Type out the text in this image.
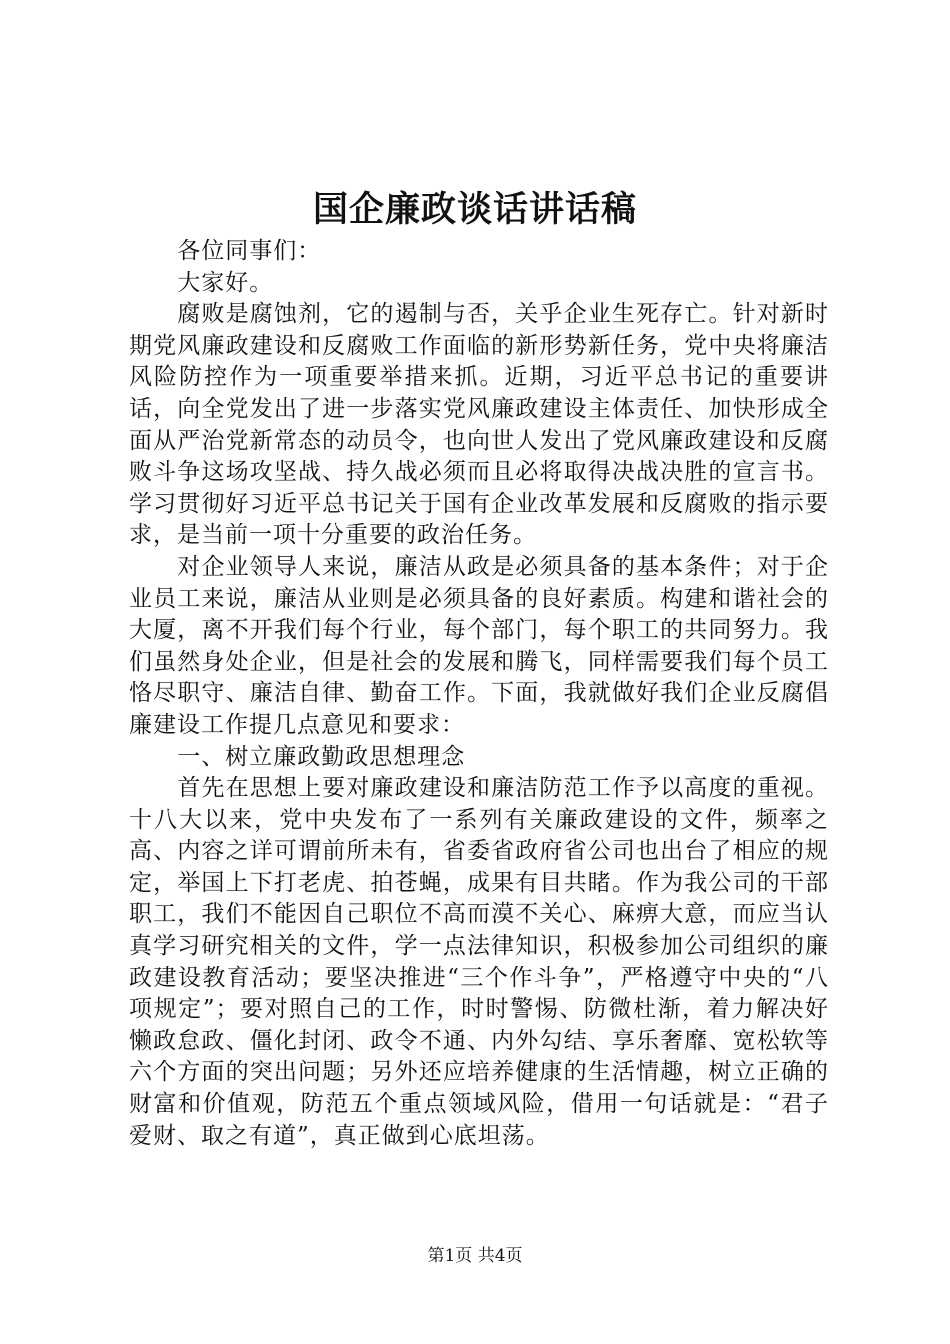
国企廉政谈话讲话稿

各位同事们：

大家好。

腐败是腐蚀剂，它的遏制与否，关乎企业生死存亡。针对新时期党风廉政建设和反腐败工作面临的新形势新任务，党中央将廉洁风险防控作为一项重要举措来抓。近期，习近平总书记的重要讲话，向全党发出了进一步落实党风廉政建设主体责任、加快形成全面从严治党新常态的动员令，也向世人发出了党风廉政建设和反腐败斗争这场攻坚战、持久战必须而且必将取得决战决胜的宣言书。学习贯彻好习近平总书记关于国有企业改革发展和反腐败的指示要求，是当前一项十分重要的政治任务。

对企业领导人来说，廉洁从政是必须具备的基本条件；对于企业员工来说，廉洁从业则是必须具备的良好素质。构建和谐社会的大厦，离不开我们每个行业，每个部门，每个职工的共同努力。我们虽然身处企业，但是社会的发展和腾飞，同样需要我们每个员工恪尽职守、廉洁自律、勤奋工作。下面，我就做好我们企业反腐倡廉建设工作提几点意见和要求：

一、树立廉政勤政思想理念

首先在思想上要对廉政建设和廉洁防范工作予以高度的重视。十八大以来，党中央发布了一系列有关廉政建设的文件，频率之高、内容之详可谓前所未有，省委省政府省公司也出台了相应的规定，举国上下打老虎、拍苍蝇，成果有目共睹。作为我公司的干部职工，我们不能因自己职位不高而漠不关心、麻痹大意，而应当认真学习研究相关的文件，学一点法律知识，积极参加公司组织的廉政建设教育活动；要坚决推进“三个作斗争”，严格遵守中央的“八项规定”；要对照自己的工作，时时警惕、防微杜渐，着力解决好懒政怠政、僵化封闭、政令不通、内外勾结、享乐奢靡、宽松软等六个方面的突出问题；另外还应培养健康的生活情趣，树立正确的财富和价值观，防范五个重点领域风险，借用一句话就是：“君子爱财、取之有道”，真正做到心底坦荡。

第1页 共4页
